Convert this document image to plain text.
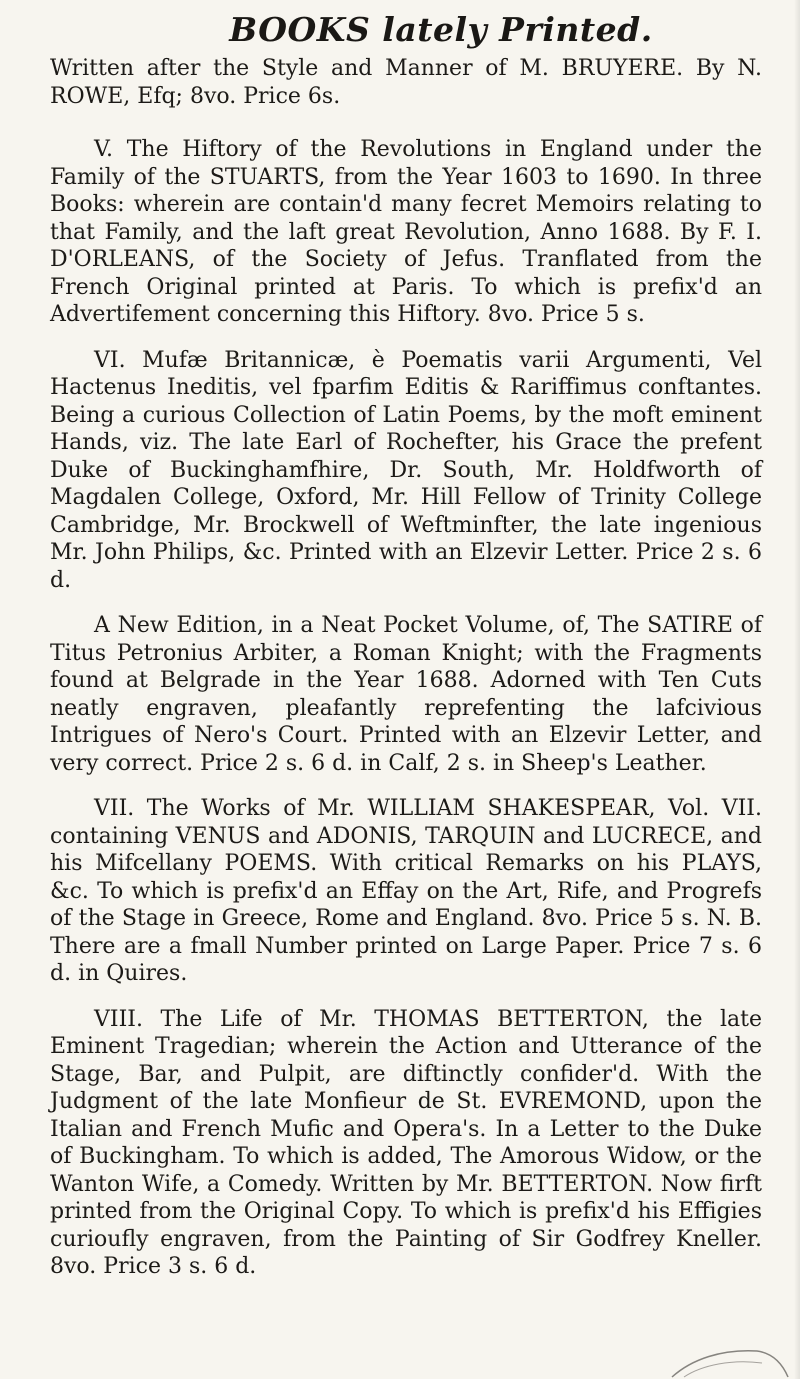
BOOKS lately Printed.

Written after the Style and Manner of M. BRUYERE. By N. ROWE, Efq; 8vo. Price 6s.

V. The Hiftory of the Revolutions in England under the Family of the STUARTS, from the Year 1603 to 1690. In three Books: wherein are contain'd many fecret Memoirs relating to that Family, and the laft great Revolution, Anno 1688. By F. I. D'ORLEANS, of the Society of Jefus. Tranflated from the French Original printed at Paris. To which is prefix'd an Advertifement concerning this Hiftory. 8vo. Price 5 s.

VI. Mufæ Britannicæ, è Poematis varii Argumenti, Vel Hactenus Ineditis, vel fparfim Editis & Rariffimus conftantes. Being a curious Collection of Latin Poems, by the moft eminent Hands, viz. The late Earl of Rochefter, his Grace the prefent Duke of Buckinghamfhire, Dr. South, Mr. Holdfworth of Magdalen College, Oxford, Mr. Hill Fellow of Trinity College Cambridge, Mr. Brockwell of Weftminfter, the late ingenious Mr. John Philips, &c. Printed with an Elzevir Letter. Price 2 s. 6 d.

A New Edition, in a Neat Pocket Volume, of, The SATIRE of Titus Petronius Arbiter, a Roman Knight; with the Fragments found at Belgrade in the Year 1688. Adorned with Ten Cuts neatly engraven, pleafantly reprefenting the lafcivious Intrigues of Nero's Court. Printed with an Elzevir Letter, and very correct. Price 2 s. 6 d. in Calf, 2 s. in Sheep's Leather.

VII. The Works of Mr. WILLIAM SHAKESPEAR, Vol. VII. containing VENUS and ADONIS, TARQUIN and LUCRECE, and his Mifcellany POEMS. With critical Remarks on his PLAYS, &c. To which is prefix'd an Effay on the Art, Rife, and Progrefs of the Stage in Greece, Rome and England. 8vo. Price 5 s. N. B. There are a fmall Number printed on Large Paper. Price 7 s. 6 d. in Quires.

VIII. The Life of Mr. THOMAS BETTERTON, the late Eminent Tragedian; wherein the Action and Utterance of the Stage, Bar, and Pulpit, are diftinctly confider'd. With the Judgment of the late Monfieur de St. EVREMOND, upon the Italian and French Mufic and Opera's. In a Letter to the Duke of Buckingham. To which is added, The Amorous Widow, or the Wanton Wife, a Comedy. Written by Mr. BETTERTON. Now firft printed from the Original Copy. To which is prefix'd his Effigies curioufly engraven, from the Painting of Sir Godfrey Kneller. 8vo. Price 3 s. 6 d.
